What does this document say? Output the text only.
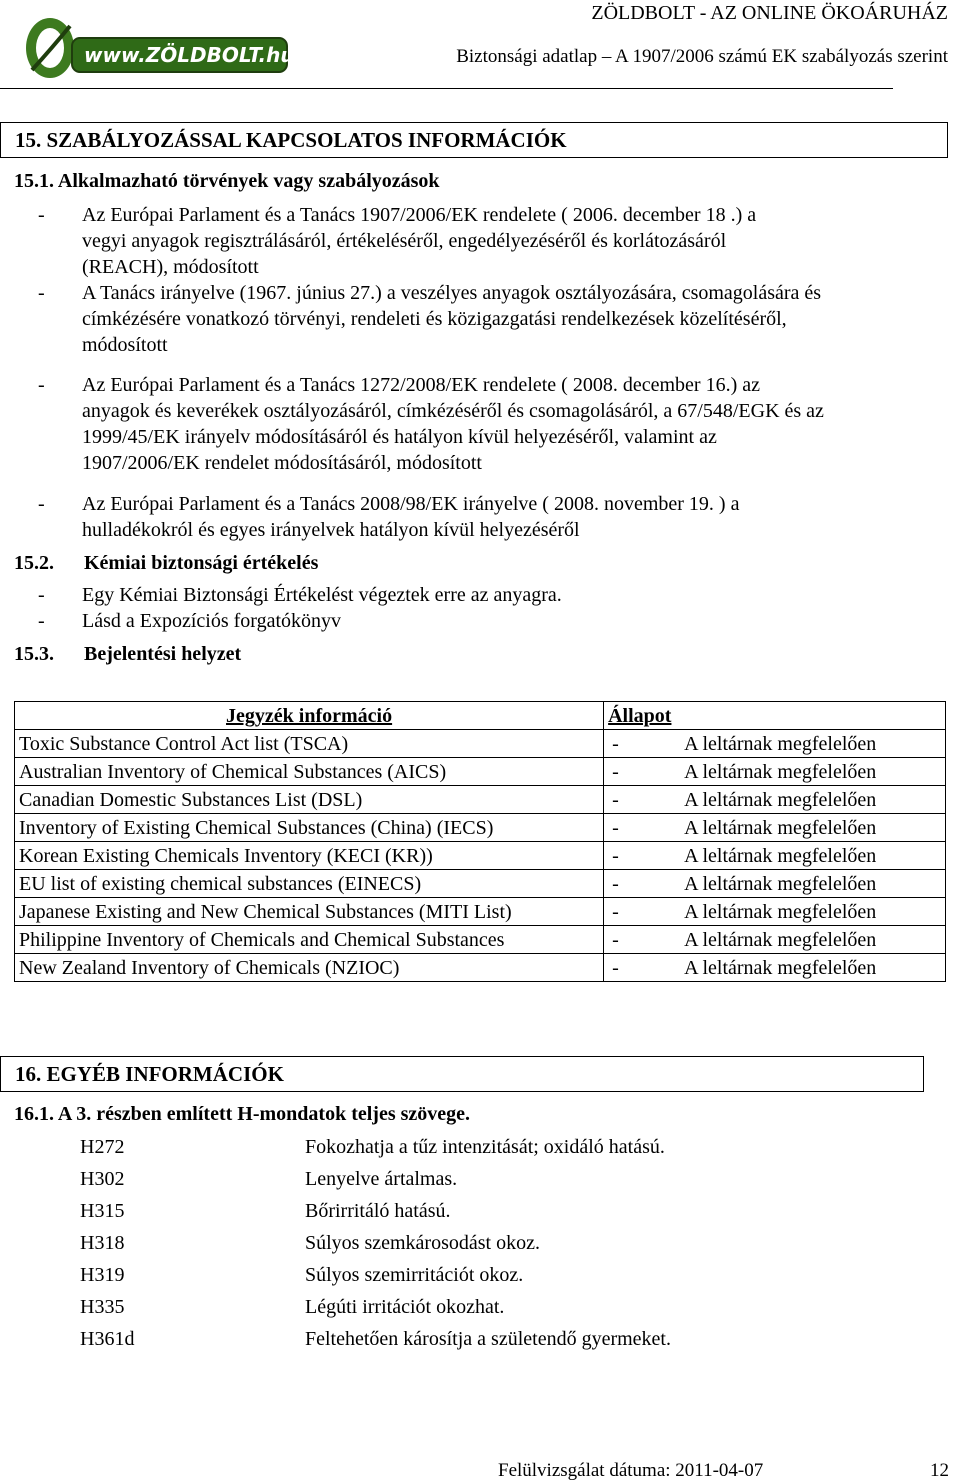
www.ZÖLDBOLT.hu
ZÖLDBOLT - AZ ONLINE ÖKOÁRUHÁZ
Biztonsági adatlap – A 1907/2006 számú EK szabályozás szerint
15. SZABÁLYOZÁSSAL KAPCSOLATOS INFORMÁCIÓK
15.1. Alkalmazható törvények vagy szabályozások
- Az Európai Parlament és a Tanács 1907/2006/EK rendelete ( 2006. december 18 .) a
vegyi anyagok regisztrálásáról, értékeléséről, engedélyezéséről és korlátozásáról
(REACH), módosított
- A Tanács irányelve (1967. június 27.) a veszélyes anyagok osztályozására, csomagolására és
címkézésére vonatkozó törvényi, rendeleti és közigazgatási rendelkezések közelítéséről,
módosított
- Az Európai Parlament és a Tanács 1272/2008/EK rendelete ( 2008. december 16.) az
anyagok és keverékek osztályozásáról, címkézéséről és csomagolásáról, a 67/548/EGK és az
1999/45/EK irányelv módosításáról és hatályon kívül helyezéséről, valamint az
1907/2006/EK rendelet módosításáról, módosított
- Az Európai Parlament és a Tanács 2008/98/EK irányelve ( 2008. november 19. ) a
hulladékokról és egyes irányelvek hatályon kívül helyezéséről
15.2. Kémiai biztonsági értékelés
- Egy Kémiai Biztonsági Értékelést végeztek erre az anyagra.
- Lásd a Expozíciós forgatókönyv
15.3. Bejelentési helyzet
Jegyzék információ	Állapot
Toxic Substance Control Act list (TSCA)	- A leltárnak megfelelően
Australian Inventory of Chemical Substances (AICS)	- A leltárnak megfelelően
Canadian Domestic Substances List (DSL)	- A leltárnak megfelelően
Inventory of Existing Chemical Substances (China) (IECS)	- A leltárnak megfelelően
Korean Existing Chemicals Inventory (KECI (KR))	- A leltárnak megfelelően
EU list of existing chemical substances (EINECS)	- A leltárnak megfelelően
Japanese Existing and New Chemical Substances (MITI List)	- A leltárnak megfelelően
Philippine Inventory of Chemicals and Chemical Substances	- A leltárnak megfelelően
New Zealand Inventory of Chemicals (NZIOC)	- A leltárnak megfelelően
16. EGYÉB INFORMÁCIÓK
16.1. A 3. részben említett H-mondatok teljes szövege.
H272	Fokozhatja a tűz intenzitását; oxidáló hatású.
H302	Lenyelve ártalmas.
H315	Bőrirritáló hatású.
H318	Súlyos szemkárosodást okoz.
H319	Súlyos szemirritációt okoz.
H335	Légúti irritációt okozhat.
H361d	Feltehetően károsítja a születendő gyermeket.
Felülvizsgálat dátuma: 2011-04-07	12
